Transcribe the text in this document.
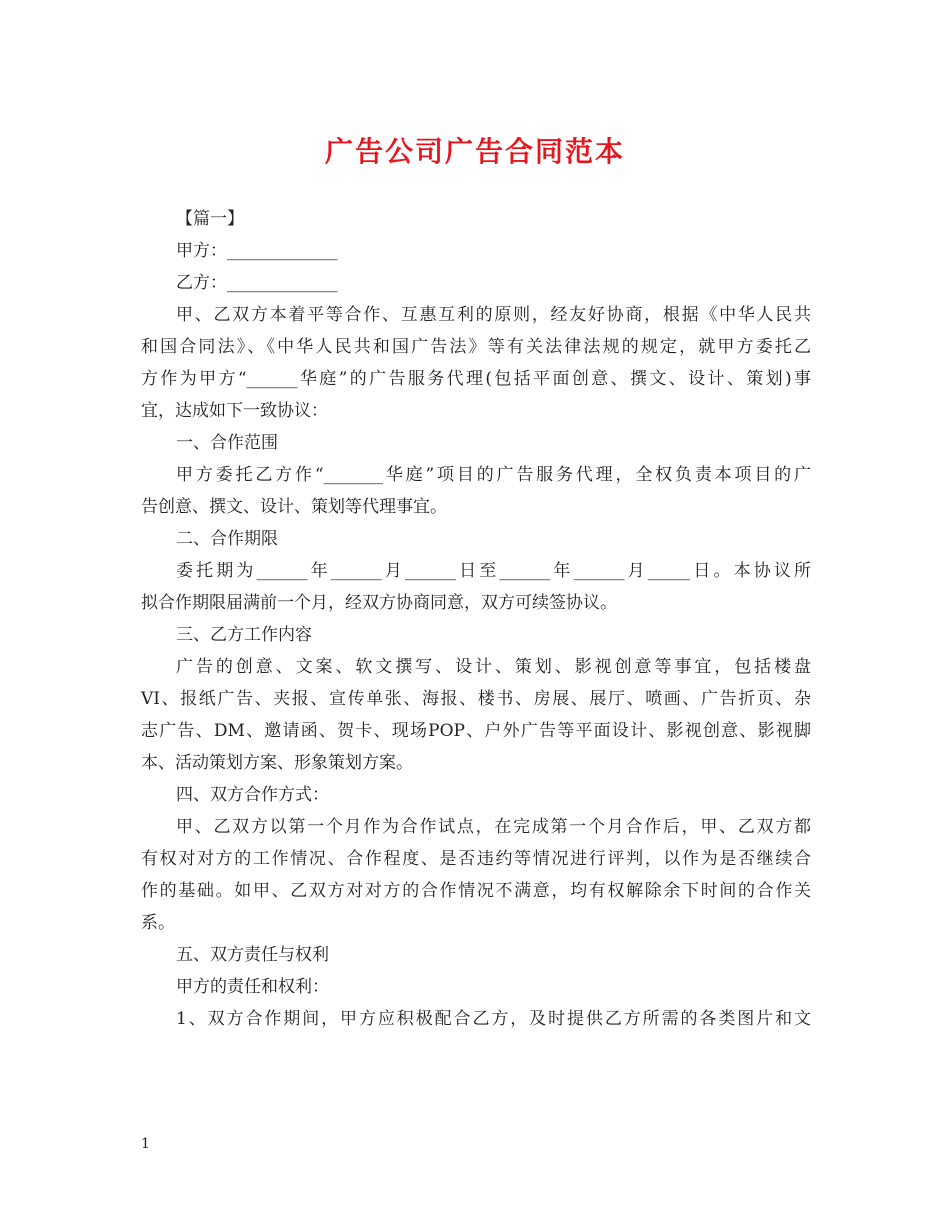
广告公司广告合同范本
【篇一】
甲方：_____________
乙方：_____________
甲、乙双方本着平等合作、互惠互利的原则，经友好协商，根据《中华人民共
和国合同法》、《中华人民共和国广告法》等有关法律法规的规定，就甲方委托乙
方作为甲方“______华庭”的广告服务代理(包括平面创意、撰文、设计、策划)事
宜，达成如下一致协议：
一、合作范围
甲方委托乙方作“_______华庭”项目的广告服务代理，全权负责本项目的广
告创意、撰文、设计、策划等代理事宜。
二、合作期限
委托期为______年______月______日至______年______月_____日。本协议所
拟合作期限届满前一个月，经双方协商同意，双方可续签协议。
三、乙方工作内容
广告的创意、文案、软文撰写、设计、策划、影视创意等事宜，包括楼盘
VI、报纸广告、夹报、宣传单张、海报、楼书、房展、展厅、喷画、广告折页、杂
志广告、DM、邀请函、贺卡、现场POP、户外广告等平面设计、影视创意、影视脚
本、活动策划方案、形象策划方案。
四、双方合作方式：
甲、乙双方以第一个月作为合作试点，在完成第一个月合作后，甲、乙双方都
有权对对方的工作情况、合作程度、是否违约等情况进行评判，以作为是否继续合
作的基础。如甲、乙双方对对方的合作情况不满意，均有权解除余下时间的合作关
系。
五、双方责任与权利
甲方的责任和权利：
1、双方合作期间，甲方应积极配合乙方，及时提供乙方所需的各类图片和文
1
